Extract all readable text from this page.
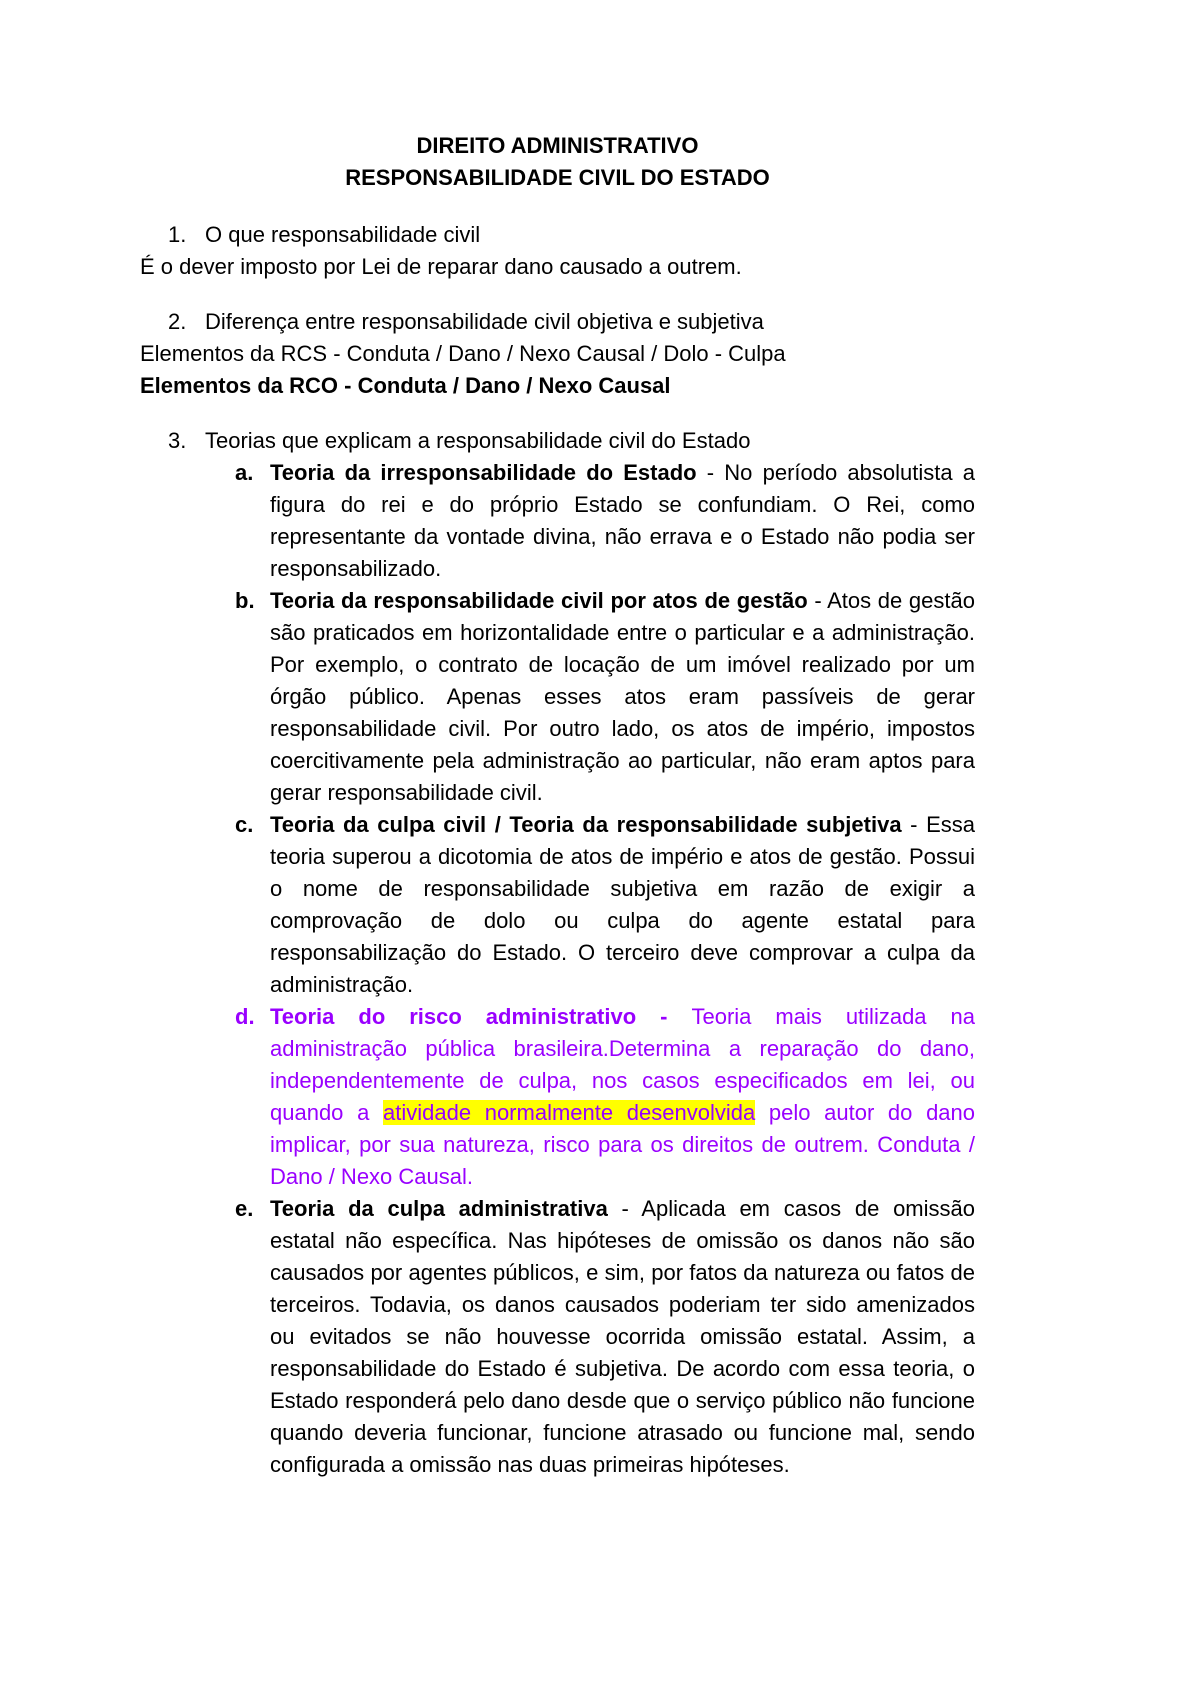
DIREITO ADMINISTRATIVO
RESPONSABILIDADE CIVIL DO ESTADO
1. O que responsabilidade civil
É o dever imposto por Lei de reparar dano causado a outrem.
2. Diferença entre responsabilidade civil objetiva e subjetiva
Elementos da RCS - Conduta / Dano / Nexo Causal / Dolo - Culpa
Elementos da RCO - Conduta / Dano / Nexo Causal
3. Teorias que explicam a responsabilidade civil do Estado
a. Teoria da irresponsabilidade do Estado - No período absolutista a figura do rei e do próprio Estado se confundiam. O Rei, como representante da vontade divina, não errava e o Estado não podia ser responsabilizado.
b. Teoria da responsabilidade civil por atos de gestão - Atos de gestão são praticados em horizontalidade entre o particular e a administração. Por exemplo, o contrato de locação de um imóvel realizado por um órgão público. Apenas esses atos eram passíveis de gerar responsabilidade civil. Por outro lado, os atos de império, impostos coercitivamente pela administração ao particular, não eram aptos para gerar responsabilidade civil.
c. Teoria da culpa civil / Teoria da responsabilidade subjetiva - Essa teoria superou a dicotomia de atos de império e atos de gestão. Possui o nome de responsabilidade subjetiva em razão de exigir a comprovação de dolo ou culpa do agente estatal para responsabilização do Estado. O terceiro deve comprovar a culpa da administração.
d. Teoria do risco administrativo - Teoria mais utilizada na administração pública brasileira.Determina a reparação do dano, independentemente de culpa, nos casos especificados em lei, ou quando a atividade normalmente desenvolvida pelo autor do dano implicar, por sua natureza, risco para os direitos de outrem. Conduta / Dano / Nexo Causal.
e. Teoria da culpa administrativa - Aplicada em casos de omissão estatal não específica. Nas hipóteses de omissão os danos não são causados por agentes públicos, e sim, por fatos da natureza ou fatos de terceiros. Todavia, os danos causados poderiam ter sido amenizados ou evitados se não houvesse ocorrida omissão estatal. Assim, a responsabilidade do Estado é subjetiva. De acordo com essa teoria, o Estado responderá pelo dano desde que o serviço público não funcione quando deveria funcionar, funcione atrasado ou funcione mal, sendo configurada a omissão nas duas primeiras hipóteses.
